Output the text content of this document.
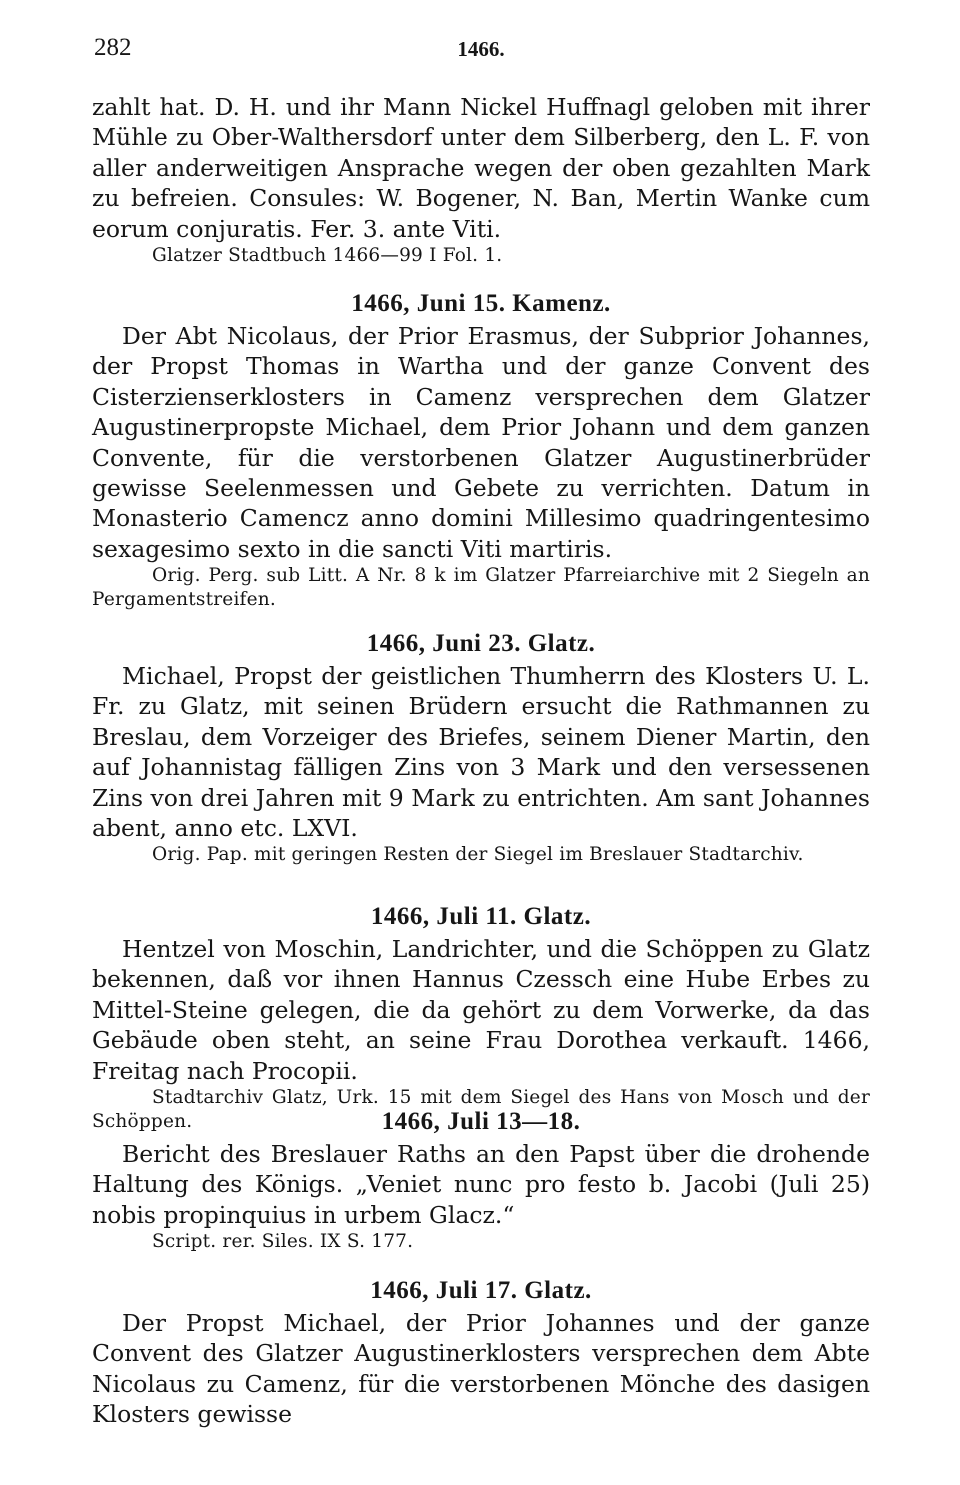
282	1466.

zahlt hat. D. H. und ihr Mann Nickel Huffnagl geloben mit ihrer Mühle zu Ober-Walthersdorf unter dem Silberberg, den L. F. von aller anderweitigen Ansprache wegen der oben gezahlten Mark zu befreien. Consules: W. Bogener, N. Ban, Mertin Wanke cum eorum conjuratis. Fer. 3. ante Viti.

Glatzer Stadtbuch 1466—99 I Fol. 1.

1466, Juni 15. Kamenz.

Der Abt Nicolaus, der Prior Erasmus, der Subprior Johannes, der Propst Thomas in Wartha und der ganze Convent des Cisterzienserklosters in Camenz versprechen dem Glatzer Augustinerpropste Michael, dem Prior Johann und dem ganzen Convente, für die verstorbenen Glatzer Augustinerbrüder gewisse Seelenmessen und Gebete zu verrichten. Datum in Monasterio Camencz anno domini Millesimo quadringentesimo sexagesimo sexto in die sancti Viti martiris.

Orig. Perg. sub Litt. A Nr. 8 k im Glatzer Pfarreiarchive mit 2 Siegeln an Pergamentstreifen.

1466, Juni 23. Glatz.

Michael, Propst der geistlichen Thumherrn des Klosters U. L. Fr. zu Glatz, mit seinen Brüdern ersucht die Rathmannen zu Breslau, dem Vorzeiger des Briefes, seinem Diener Martin, den auf Johannistag fälligen Zins von 3 Mark und den versessenen Zins von drei Jahren mit 9 Mark zu entrichten. Am sant Johannes abent, anno etc. LXVI.

Orig. Pap. mit geringen Resten der Siegel im Breslauer Stadtarchiv.

1466, Juli 11. Glatz.

Hentzel von Moschin, Landrichter, und die Schöppen zu Glatz bekennen, daß vor ihnen Hannus Czessch eine Hube Erbes zu Mittel-Steine gelegen, die da gehört zu dem Vorwerke, da das Gebäude oben steht, an seine Frau Dorothea verkauft. 1466, Freitag nach Procopii.

Stadtarchiv Glatz, Urk. 15 mit dem Siegel des Hans von Mosch und der Schöppen.	1466, Juli 13—18.

Bericht des Breslauer Raths an den Papst über die drohende Haltung des Königs. „Veniet nunc pro festo b. Jacobi (Juli 25) nobis propinquius in urbem Glacz.“

Script. rer. Siles. IX S. 177.

1466, Juli 17. Glatz.

Der Propst Michael, der Prior Johannes und der ganze Convent des Glatzer Augustinerklosters versprechen dem Abte Nicolaus zu Camenz, für die verstorbenen Mönche des dasigen Klosters gewisse
